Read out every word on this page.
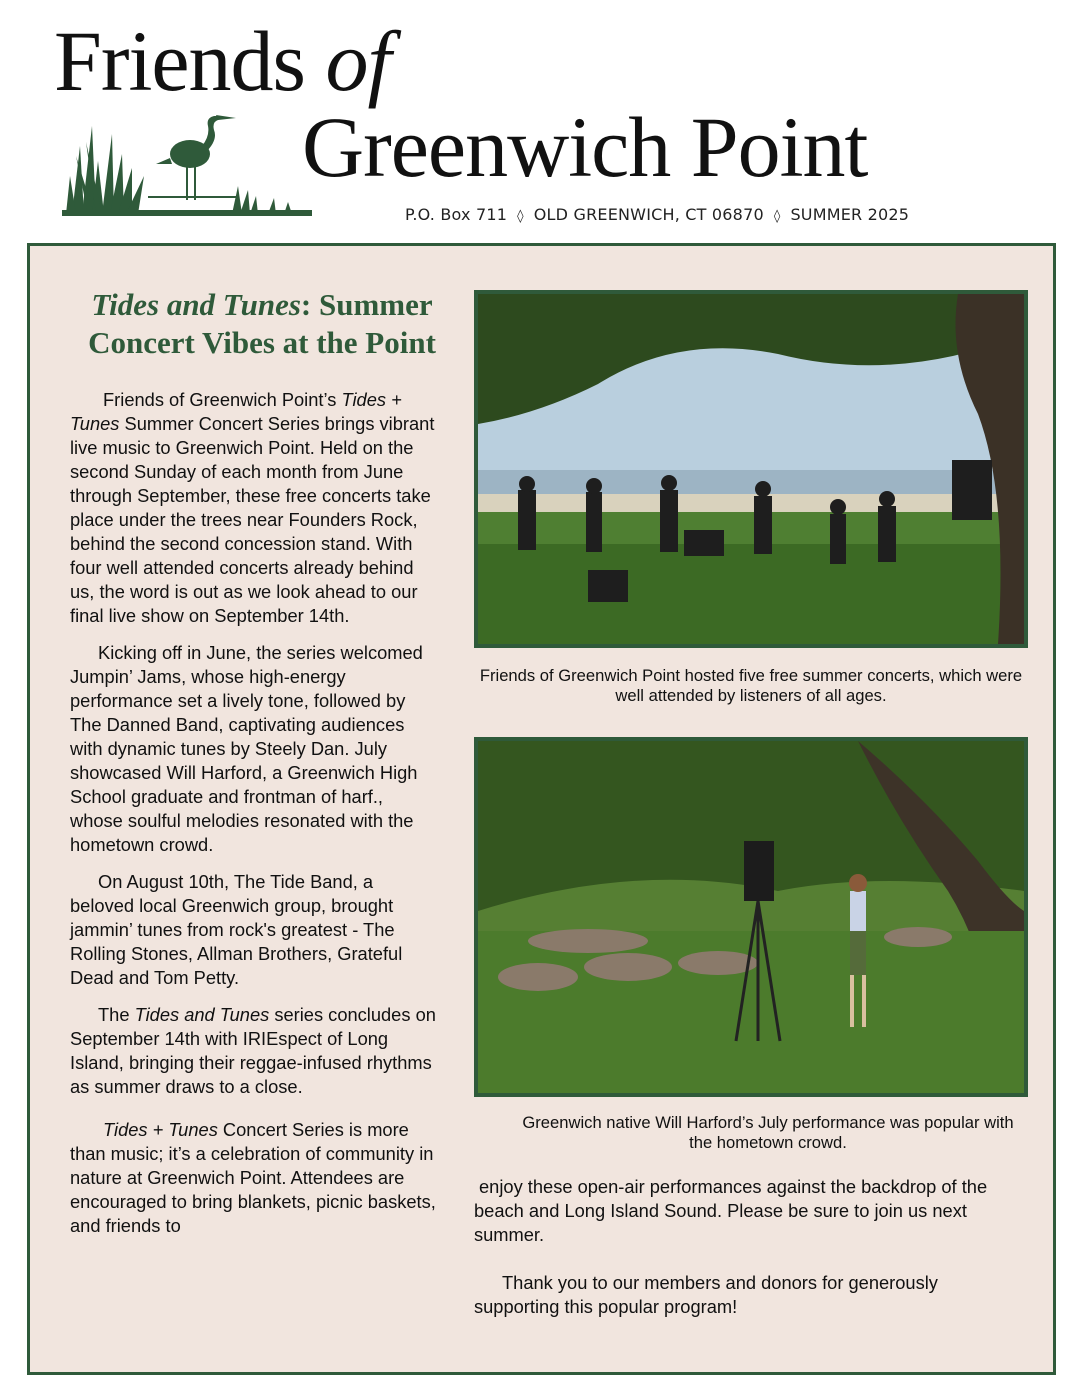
Friends of
Greenwich Point
P.O. Box 711 ◊ OLD GREENWICH, CT 06870 ◊ SUMMER 2025
Tides and Tunes: Summer Concert Vibes at the Point

Friends of Greenwich Point’s Tides + Tunes Summer Concert Series brings vibrant live music to Greenwich Point. Held on the second Sunday of each month from June through September, these free concerts take place under the trees near Founders Rock, behind the second concession stand. With four well attended concerts already behind us, the word is out as we look ahead to our final live show on September 14th.

Kicking off in June, the series welcomed Jumpin’ Jams, whose high-energy performance set a lively tone, followed by The Danned Band, captivating audiences with dynamic tunes by Steely Dan. July showcased Will Harford, a Greenwich High School graduate and frontman of harf., whose soulful melodies resonated with the hometown crowd.

On August 10th, The Tide Band, a beloved local Greenwich group, brought jammin’ tunes from rock's greatest - The Rolling Stones, Allman Brothers, Grateful Dead and Tom Petty.

The Tides and Tunes series concludes on September 14th with IRIEspect of Long Island, bringing their reggae-infused rhythms as summer draws to a close.

Tides + Tunes Concert Series is more than music; it’s a celebration of community in nature at Greenwich Point. Attendees are encouraged to bring blankets, picnic baskets, and friends to

Friends of Greenwich Point hosted five free summer concerts, which were well attended by listeners of all ages.
Greenwich native Will Harford’s July performance was popular with the hometown crowd.

enjoy these open-air performances against the backdrop of the beach and Long Island Sound. Please be sure to join us next summer.

Thank you to our members and donors for generously supporting this popular program!
